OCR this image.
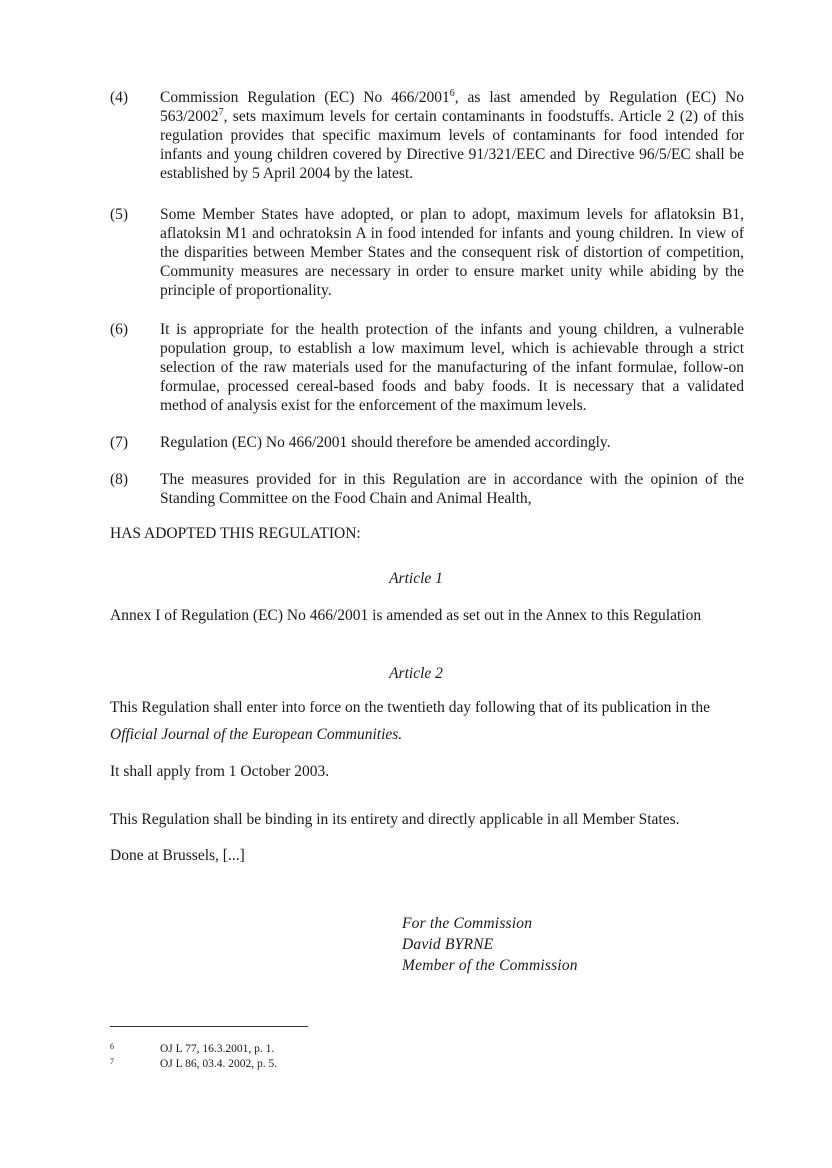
(4) Commission Regulation (EC) No 466/2001$^6$, as last amended by Regulation (EC) No 563/2002$^7$, sets maximum levels for certain contaminants in foodstuffs. Article 2 (2) of this regulation provides that specific maximum levels of contaminants for food intended for infants and young children covered by Directive 91/321/EEC and Directive 96/5/EC shall be established by 5 April 2004 by the latest.
(5) Some Member States have adopted, or plan to adopt, maximum levels for aflatoksin B1, aflatoksin M1 and ochratoksin A in food intended for infants and young children. In view of the disparities between Member States and the consequent risk of distortion of competition, Community measures are necessary in order to ensure market unity while abiding by the principle of proportionality.
(6) It is appropriate for the health protection of the infants and young children, a vulnerable population group, to establish a low maximum level, which is achievable through a strict selection of the raw materials used for the manufacturing of the infant formulae, follow-on formulae, processed cereal-based foods and baby foods. It is necessary that a validated method of analysis exist for the enforcement of the maximum levels.
(7) Regulation (EC) No 466/2001 should therefore be amended accordingly.
(8) The measures provided for in this Regulation are in accordance with the opinion of the Standing Committee on the Food Chain and Animal Health,
HAS ADOPTED THIS REGULATION:
Article 1
Annex I of Regulation (EC) No 466/2001 is amended as set out in the Annex to this Regulation
Article 2
This Regulation shall enter into force on the twentieth day following that of its publication in the
Official Journal of the European Communities.
It shall apply from 1 October 2003.
This Regulation shall be binding in its entirety and directly applicable in all Member States.
Done at Brussels, [...]
For the Commission
David BYRNE
Member of the Commission
6	OJ L 77, 16.3.2001, p. 1.
7	OJ L 86, 03.4. 2002, p. 5.
